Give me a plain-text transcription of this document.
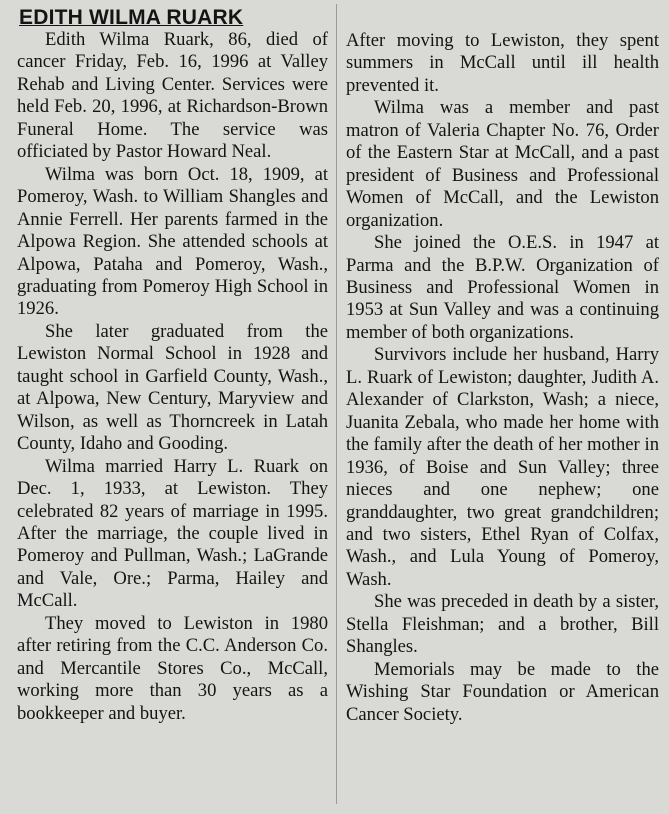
EDITH WILMA RUARK

Edith Wilma Ruark, 86, died of cancer Friday, Feb. 16, 1996 at Valley Rehab and Living Center. Services were held Feb. 20, 1996, at Richardson-Brown Funeral Home. The service was officiated by Pastor Howard Neal.

Wilma was born Oct. 18, 1909, at Pomeroy, Wash. to William Shangles and Annie Ferrell. Her parents farmed in the Alpowa Region. She attended schools at Alpowa, Pataha and Pomeroy, Wash., graduating from Pomeroy High School in 1926.

She later graduated from the Lewiston Normal School in 1928 and taught school in Garfield County, Wash., at Alpowa, New Century, Maryview and Wilson, as well as Thorncreek in Latah County, Idaho and Gooding.

Wilma married Harry L. Ruark on Dec. 1, 1933, at Lewiston. They celebrated 82 years of marriage in 1995. After the marriage, the couple lived in Pomeroy and Pullman, Wash.; LaGrande and Vale, Ore.; Parma, Hailey and McCall.

They moved to Lewiston in 1980 after retiring from the C.C. Anderson Co. and Mercantile Stores Co., McCall, working more than 30 years as a bookkeeper and buyer.

After moving to Lewiston, they spent summers in McCall until ill health prevented it.

Wilma was a member and past matron of Valeria Chapter No. 76, Order of the Eastern Star at McCall, and a past president of Business and Professional Women of McCall, and the Lewiston organization.

She joined the O.E.S. in 1947 at Parma and the B.P.W. Organization of Business and Professional Women in 1953 at Sun Valley and was a continuing member of both organizations.

Survivors include her husband, Harry L. Ruark of Lewiston; daughter, Judith A. Alexander of Clarkston, Wash; a niece, Juanita Zebala, who made her home with the family after the death of her mother in 1936, of Boise and Sun Valley; three nieces and one nephew; one granddaughter, two great grandchildren; and two sisters, Ethel Ryan of Colfax, Wash., and Lula Young of Pomeroy, Wash.

She was preceded in death by a sister, Stella Fleishman; and a brother, Bill Shangles.

Memorials may be made to the Wishing Star Foundation or American Cancer Society.
